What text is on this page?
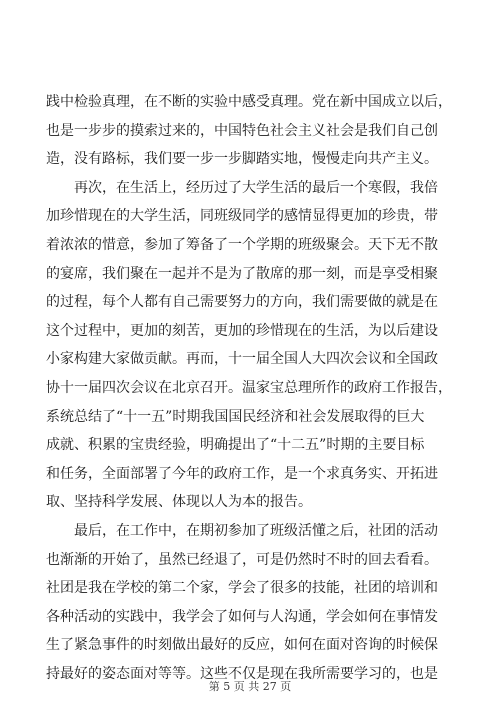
践中检验真理，在不断的实验中感受真理。党在新中国成立以后，
也是一步步的摸索过来的，中国特色社会主义社会是我们自己创
造，没有路标，我们要一步一步脚踏实地，慢慢走向共产主义。
　　再次，在生活上，经历过了大学生活的最后一个寒假，我倍
加珍惜现在的大学生活，同班级同学的感情显得更加的珍贵，带
着浓浓的惜意，参加了筹备了一个学期的班级聚会。天下无不散
的宴席，我们聚在一起并不是为了散席的那一刻，而是享受相聚
的过程，每个人都有自己需要努力的方向，我们需要做的就是在
这个过程中，更加的刻苦，更加的珍惜现在的生活，为以后建设
小家构建大家做贡献。再而，十一届全国人大四次会议和全国政
协十一届四次会议在北京召开。温家宝总理所作的政府工作报告，
系统总结了“十一五”时期我国国民经济和社会发展取得的巨大
成就、积累的宝贵经验，明确提出了“十二五”时期的主要目标
和任务，全面部署了今年的政府工作，是一个求真务实、开拓进
取、坚持科学发展、体现以人为本的报告。
　　最后，在工作中，在期初参加了班级活懂之后，社团的活动
也渐渐的开始了，虽然已经退了，可是仍然时不时的回去看看。
社团是我在学校的第二个家，学会了很多的技能，社团的培训和
各种活动的实践中，我学会了如何与人沟通，学会如何在事情发
生了紧急事件的时刻做出最好的反应，如何在面对咨询的时候保
持最好的姿态面对等等。这些不仅是现在我所需要学习的，也是
第 5 页 共 27 页
